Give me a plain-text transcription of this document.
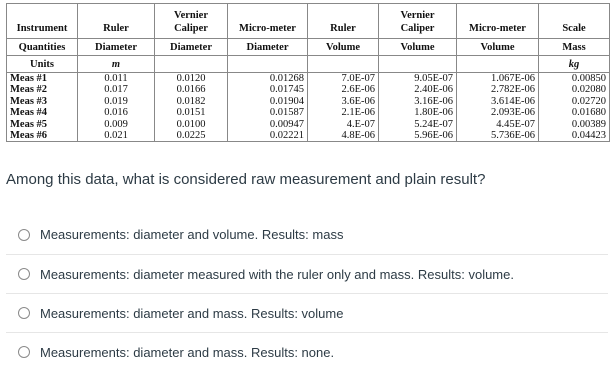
		Vernier			Vernier		
Instrument	Ruler	Caliper	Micro-meter	Ruler	Caliper	Micro-meter	Scale
Quantities	Diameter	Diameter	Diameter	Volume	Volume	Volume	Mass
Units	m						kg
Meas #1	0.011	0.0120	0.01268	7.0E-07	9.05E-07	1.067E-06	0.00850
Meas #2	0.017	0.0166	0.01745	2.6E-06	2.40E-06	2.782E-06	0.02080
Meas #3	0.019	0.0182	0.01904	3.6E-06	3.16E-06	3.614E-06	0.02720
Meas #4	0.016	0.0151	0.01587	2.1E-06	1.80E-06	2.093E-06	0.01680
Meas #5	0.009	0.0100	0.00947	4.E-07	5.24E-07	4.45E-07	0.00389
Meas #6	0.021	0.0225	0.02221	4.8E-06	5.96E-06	5.736E-06	0.04423
Among this data, what is considered raw measurement and plain result?
Measurements: diameter and volume. Results: mass
Measurements: diameter measured with the ruler only and mass. Results: volume.
Measurements: diameter and mass. Results: volume
Measurements: diameter and mass. Results: none.
